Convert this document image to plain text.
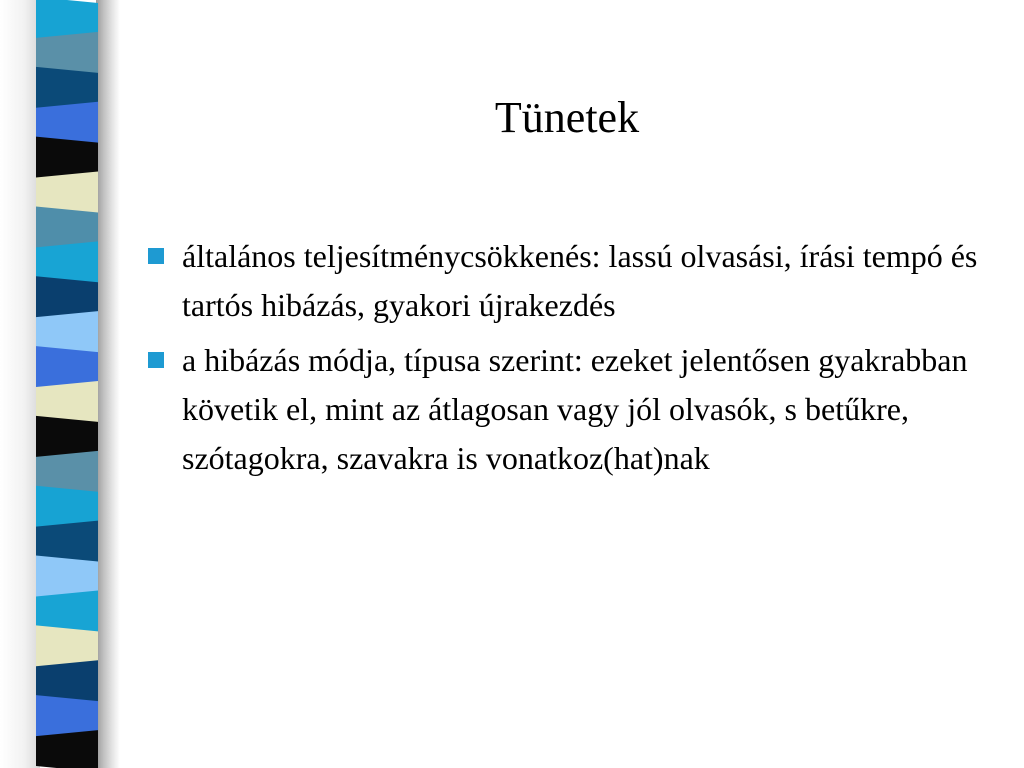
Tünetek
általános teljesítménycsökkenés: lassú olvasási, írási tempó és tartós hibázás, gyakori újrakezdés
a hibázás módja, típusa szerint: ezeket jelentősen gyakrabban követik el, mint az átlagosan vagy jól olvasók, s betűkre, szótagokra, szavakra is vonatkoz(hat)nak
